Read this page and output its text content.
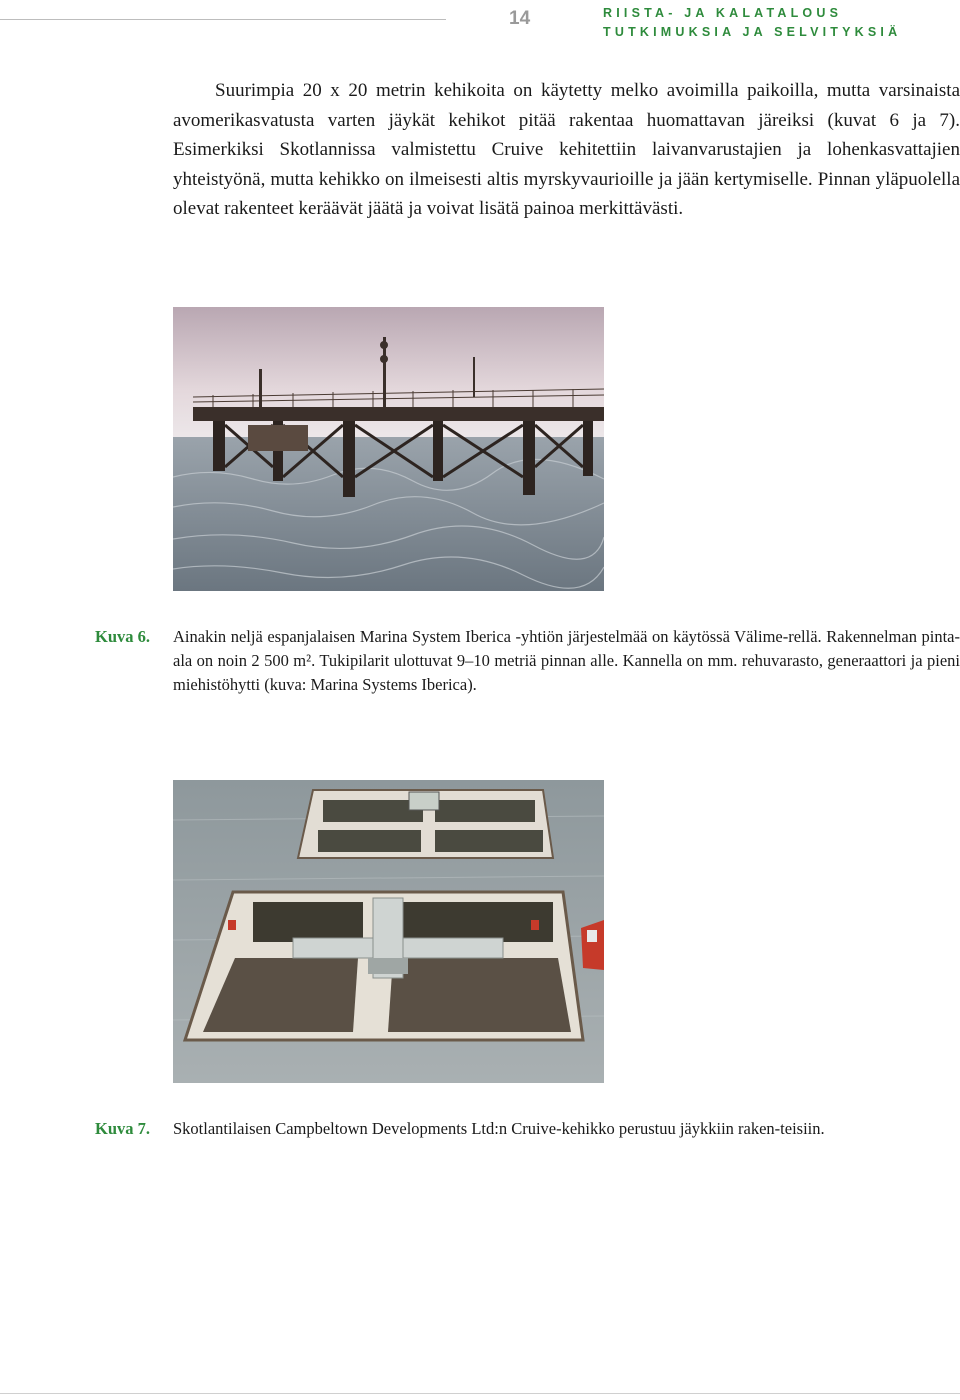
14	RIISTA- JA KALATALOUS
TUTKIMUKSIA JA SELVITYKSIÄ

Suurimpia 20 x 20 metrin kehikoita on käytetty melko avoimilla paikoilla, mutta varsinaista avomerikasvatusta varten jäykät kehikot pitää rakentaa huomattavan järeiksi (kuvat 6 ja 7). Esimerkiksi Skotlannissa valmistettu Cruive kehitettiin laivanvarustajien ja lohenkasvattajien yhteistyönä, mutta kehikko on ilmeisesti altis myrskyvaurioille ja jään kertymiselle. Pinnan yläpuolella olevat rakenteet keräävät jäätä ja voivat lisätä painoa merkittävästi.

Kuva 6. Ainakin neljä espanjalaisen Marina System Iberica -yhtiön järjestelmää on käytössä Välime-rellä. Rakennelman pinta-ala on noin 2 500 m². Tukipilarit ulottuvat 9–10 metriä pinnan alle. Kannella on mm. rehuvarasto, generaattori ja pieni miehistöhytti (kuva: Marina Systems Iberica).
Kuva 7. Skotlantilaisen Campbeltown Developments Ltd:n Cruive-kehikko perustuu jäykkiin raken-teisiin.
